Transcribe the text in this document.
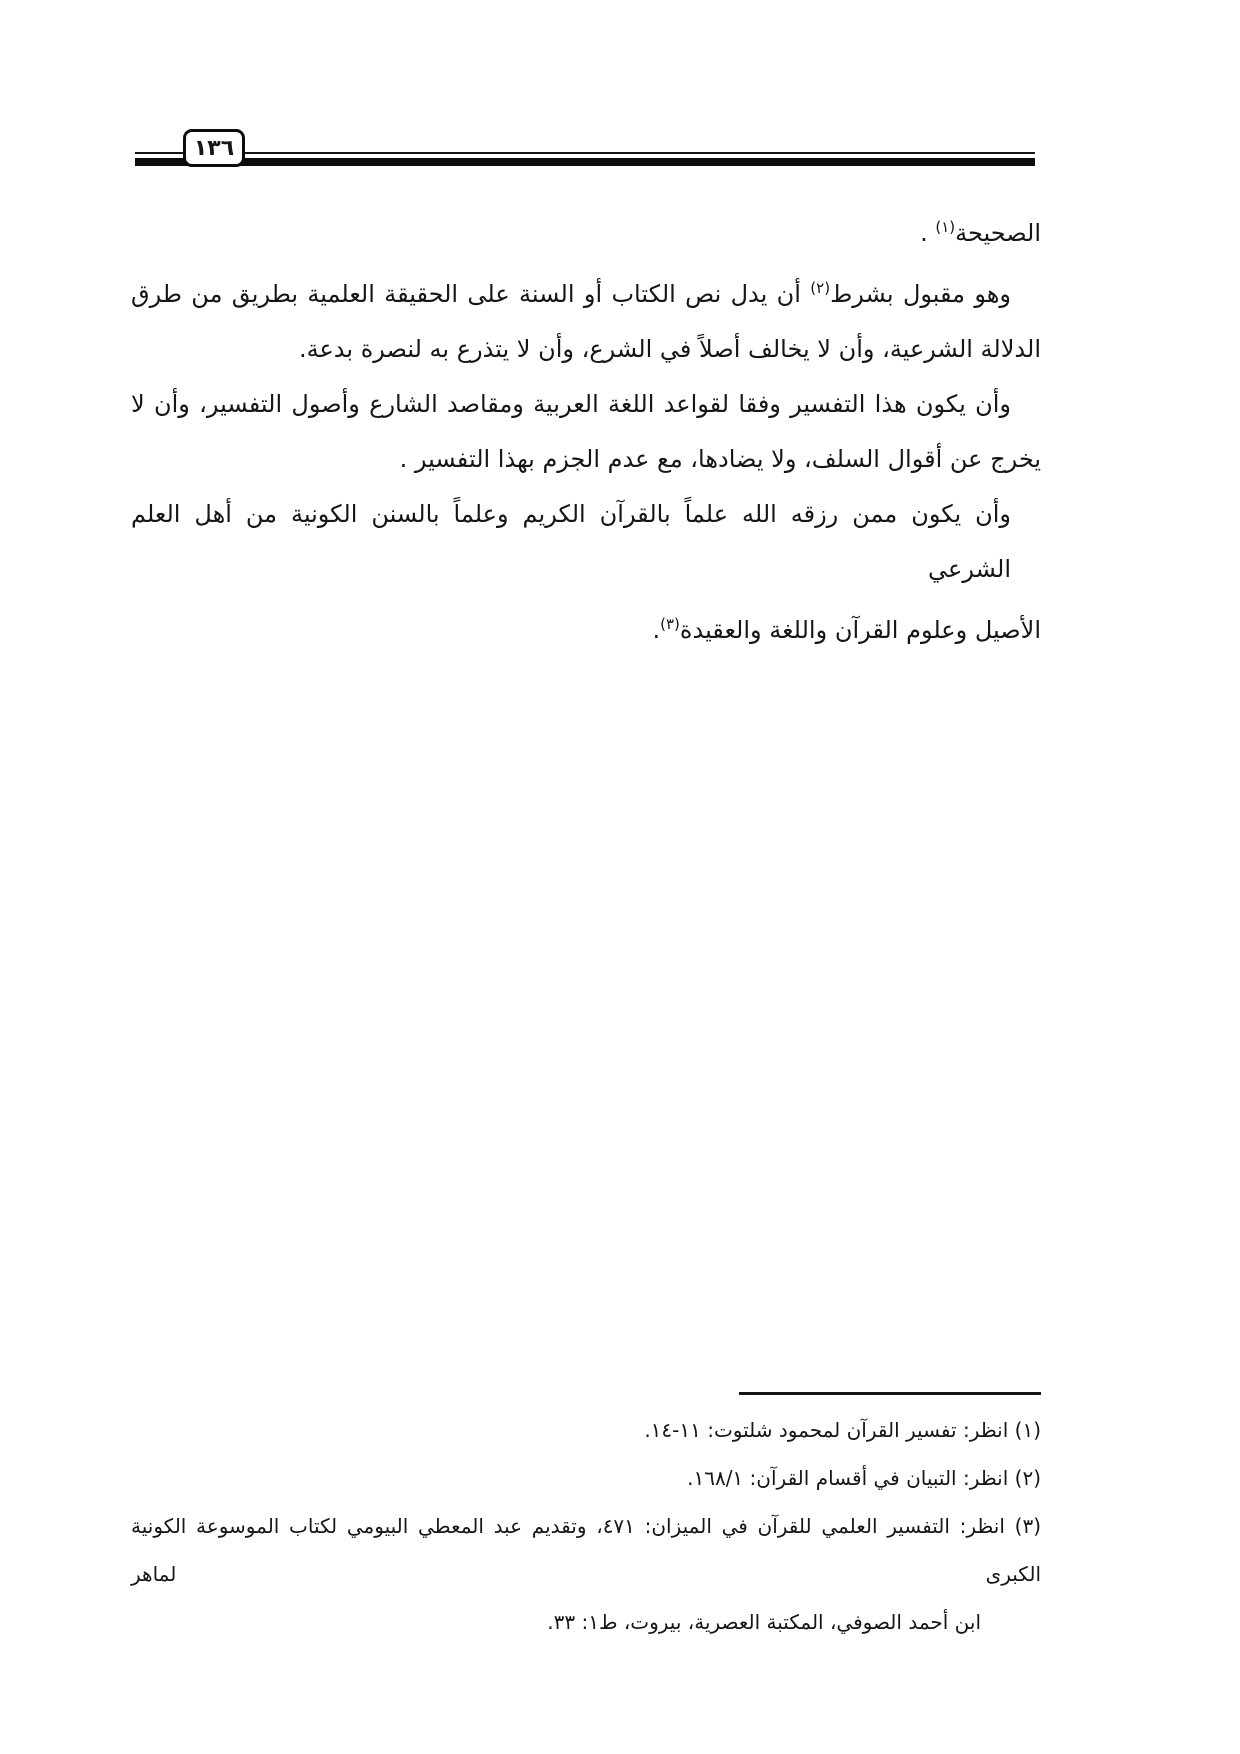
١٣٦
الصحيحة$^{(١)}$ .
وهو مقبول بشرط$^{(٢)}$ أن يدل نص الكتاب أو السنة على الحقيقة العلمية بطريق من طرق
الدلالة الشرعية، وأن لا يخالف أصلاً في الشرع، وأن لا يتذرع به لنصرة بدعة.
وأن يكون هذا التفسير وفقا لقواعد اللغة العربية ومقاصد الشارع وأصول التفسير، وأن لا
يخرج عن أقوال السلف، ولا يضادها، مع عدم الجزم بهذا التفسير .
وأن يكون ممن رزقه الله علماً بالقرآن الكريم وعلماً بالسنن الكونية من أهل العلم الشرعي
الأصيل وعلوم القرآن واللغة والعقيدة$^{(٣)}$.
(١) انظر: تفسير القرآن لمحمود شلتوت: ١١-١٤.
(٢) انظر: التبيان في أقسام القرآن: ١٦٨/١.
(٣) انظر: التفسير العلمي للقرآن في الميزان: ٤٧١، وتقديم عبد المعطي البيومي لكتاب الموسوعة الكونية الكبرى لماهر
ابن أحمد الصوفي، المكتبة العصرية، بيروت، ط١: ٣٣.
